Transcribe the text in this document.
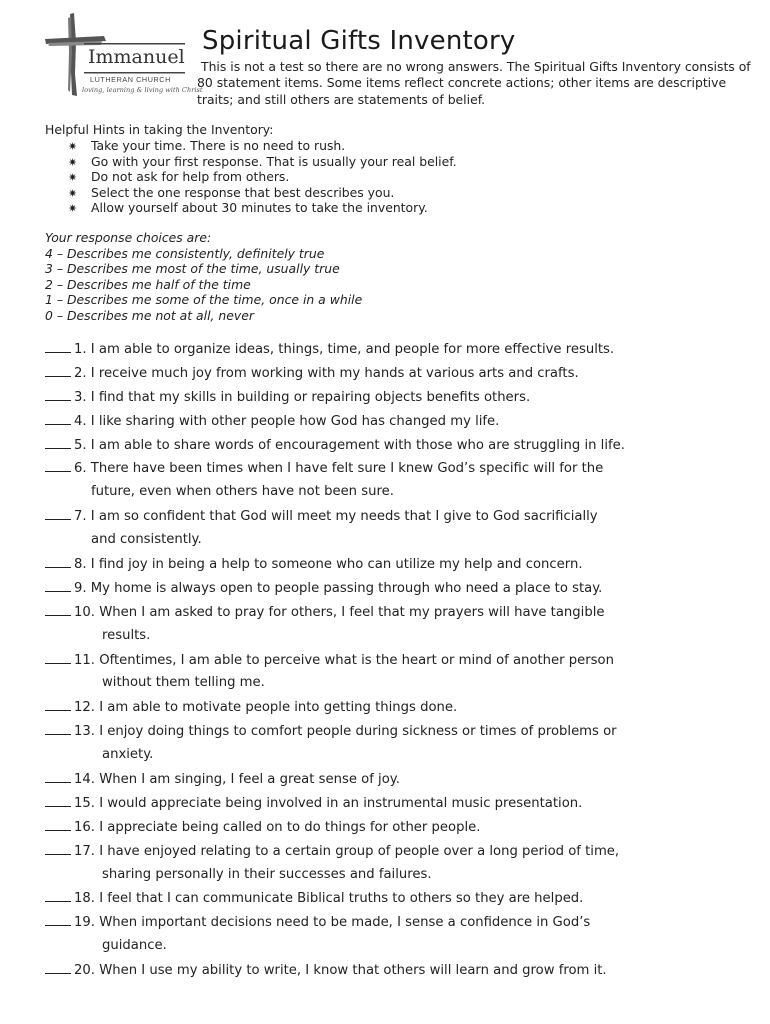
Immanuel
LUTHERAN CHURCH
loving, learning & living with Christ
Spiritual Gifts Inventory
This is not a test so there are no wrong answers. The Spiritual Gifts Inventory consists of
80 statement items. Some items reflect concrete actions; other items are descriptive
traits; and still others are statements of belief.
Helpful Hints in taking the Inventory:
✷ Take your time. There is no need to rush.
✷ Go with your first response. That is usually your real belief.
✷ Do not ask for help from others.
✷ Select the one response that best describes you.
✷ Allow yourself about 30 minutes to take the inventory.
Your response choices are:
4 – Describes me consistently, definitely true
3 – Describes me most of the time, usually true
2 – Describes me half of the time
1 – Describes me some of the time, once in a while
0 – Describes me not at all, never
1. I am able to organize ideas, things, time, and people for more effective results.
2. I receive much joy from working with my hands at various arts and crafts.
3. I find that my skills in building or repairing objects benefits others.
4. I like sharing with other people how God has changed my life.
5. I am able to share words of encouragement with those who are struggling in life.
6. There have been times when I have felt sure I knew God’s specific will for the
future, even when others have not been sure.
7. I am so confident that God will meet my needs that I give to God sacrificially
and consistently.
8. I find joy in being a help to someone who can utilize my help and concern.
9. My home is always open to people passing through who need a place to stay.
10. When I am asked to pray for others, I feel that my prayers will have tangible
results.
11. Oftentimes, I am able to perceive what is the heart or mind of another person
without them telling me.
12. I am able to motivate people into getting things done.
13. I enjoy doing things to comfort people during sickness or times of problems or
anxiety.
14. When I am singing, I feel a great sense of joy.
15. I would appreciate being involved in an instrumental music presentation.
16. I appreciate being called on to do things for other people.
17. I have enjoyed relating to a certain group of people over a long period of time,
sharing personally in their successes and failures.
18. I feel that I can communicate Biblical truths to others so they are helped.
19. When important decisions need to be made, I sense a confidence in God’s
guidance.
20. When I use my ability to write, I know that others will learn and grow from it.
